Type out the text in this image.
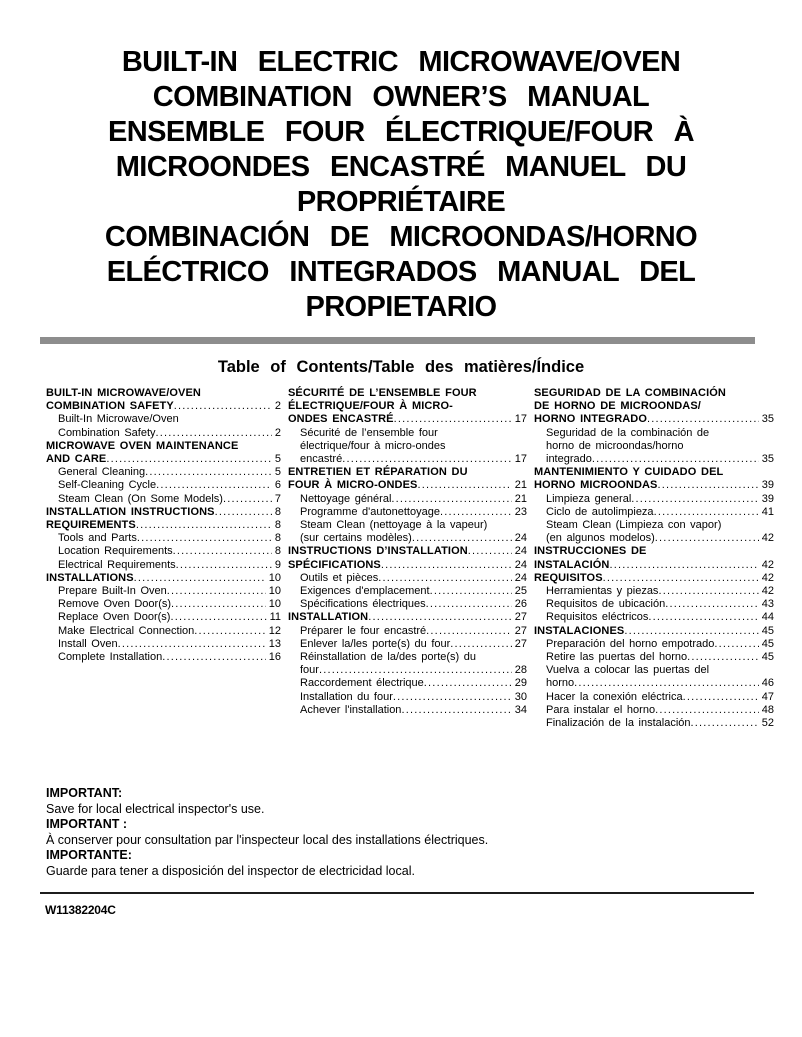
BUILT-IN ELECTRIC MICROWAVE/OVEN
COMBINATION OWNER’S MANUAL
ENSEMBLE FOUR ÉLECTRIQUE/FOUR À
MICROONDES ENCASTRÉ MANUEL DU
PROPRIÉTAIRE
COMBINACIÓN DE MICROONDAS/HORNO
ELÉCTRICO INTEGRADOS MANUAL DEL
PROPIETARIO
Table of Contents/Table des matières/Índice
BUILT-IN MICROWAVE/OVEN
COMBINATION SAFETY .....	2
Built-In Microwave/Oven
Combination Safety .....	2
MICROWAVE OVEN MAINTENANCE
AND CARE .....	5
General Cleaning .....	5
Self-Cleaning Cycle .....	6
Steam Clean (On Some Models) .....	7
INSTALLATION INSTRUCTIONS .....	8
REQUIREMENTS .....	8
Tools and Parts .....	8
Location Requirements .....	8
Electrical Requirements .....	9
INSTALLATIONS .....	10
Prepare Built-In Oven .....	10
Remove Oven Door(s) .....	10
Replace Oven Door(s) .....	11
Make Electrical Connection .....	12
Install Oven .....	13
Complete Installation .....	16
SÉCURITÉ DE L’ENSEMBLE FOUR
ÉLECTRIQUE/FOUR À MICRO-
ONDES ENCASTRÉ .....	17
Sécurité de l’ensemble four
électrique/four à micro-ondes
encastré .....	17
ENTRETIEN ET RÉPARATION DU
FOUR À MICRO-ONDES .....	21
Nettoyage général .....	21
Programme d'autonettoyage .....	23
Steam Clean (nettoyage à la vapeur)
(sur certains modèles) .....	24
INSTRUCTIONS D’INSTALLATION .....	24
SPÉCIFICATIONS .....	24
Outils et pièces .....	24
Exigences d'emplacement .....	25
Spécifications électriques .....	26
INSTALLATION .....	27
Préparer le four encastré .....	27
Enlever la/les porte(s) du four .....	27
Réinstallation de la/des porte(s) du
four .....	28
Raccordement électrique .....	29
Installation du four .....	30
Achever l'installation .....	34
SEGURIDAD DE LA COMBINACIÓN
DE HORNO DE MICROONDAS/
HORNO INTEGRADO .....	35
Seguridad de la combinación de
horno de microondas/horno
integrado .....	35
MANTENIMIENTO Y CUIDADO DEL
HORNO MICROONDAS .....	39
Limpieza general .....	39
Ciclo de autolimpieza .....	41
Steam Clean (Limpieza con vapor)
(en algunos modelos) .....	42
INSTRUCCIONES DE
INSTALACIÓN .....	42
REQUISITOS .....	42
Herramientas y piezas .....	42
Requisitos de ubicación .....	43
Requisitos eléctricos .....	44
INSTALACIONES .....	45
Preparación del horno empotrado .....	45
Retire las puertas del horno .....	45
Vuelva a colocar las puertas del
horno .....	46
Hacer la conexión eléctrica .....	47
Para instalar el horno .....	48
Finalización de la instalación .....	52
IMPORTANT:
Save for local electrical inspector's use.
IMPORTANT :
À conserver pour consultation par l'inspecteur local des installations électriques.
IMPORTANTE:
Guarde para tener a disposición del inspector de electricidad local.
W11382204C
